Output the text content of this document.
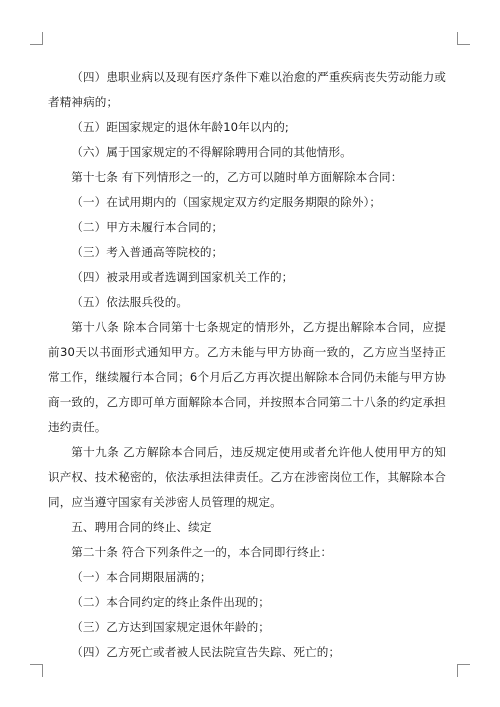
（四）患职业病以及现有医疗条件下难以治愈的严重疾病丧失劳动能力或者精神病的；

（五）距国家规定的退休年龄10年以内的;

（六）属于国家规定的不得解除聘用合同的其他情形。

第十七条 有下列情形之一的，乙方可以随时单方面解除本合同：

（一）在试用期内的（国家规定双方约定服务期限的除外）；

（二）甲方未履行本合同的；

（三）考入普通高等院校的；

（四）被录用或者选调到国家机关工作的；

（五）依法服兵役的。

第十八条 除本合同第十七条规定的情形外，乙方提出解除本合同，应提前30天以书面形式通知甲方。乙方未能与甲方协商一致的，乙方应当坚持正常工作，继续履行本合同；6个月后乙方再次提出解除本合同仍未能与甲方协商一致的，乙方即可单方面解除本合同，并按照本合同第二十八条的约定承担违约责任。

第十九条 乙方解除本合同后，违反规定使用或者允许他人使用甲方的知识产权、技术秘密的，依法承担法律责任。乙方在涉密岗位工作，其解除本合同，应当遵守国家有关涉密人员管理的规定。

五、聘用合同的终止、续定

第二十条 符合下列条件之一的，本合同即行终止：

（一）本合同期限届满的；

（二）本合同约定的终止条件出现的；

（三）乙方达到国家规定退休年龄的；

（四）乙方死亡或者被人民法院宣告失踪、死亡的；
